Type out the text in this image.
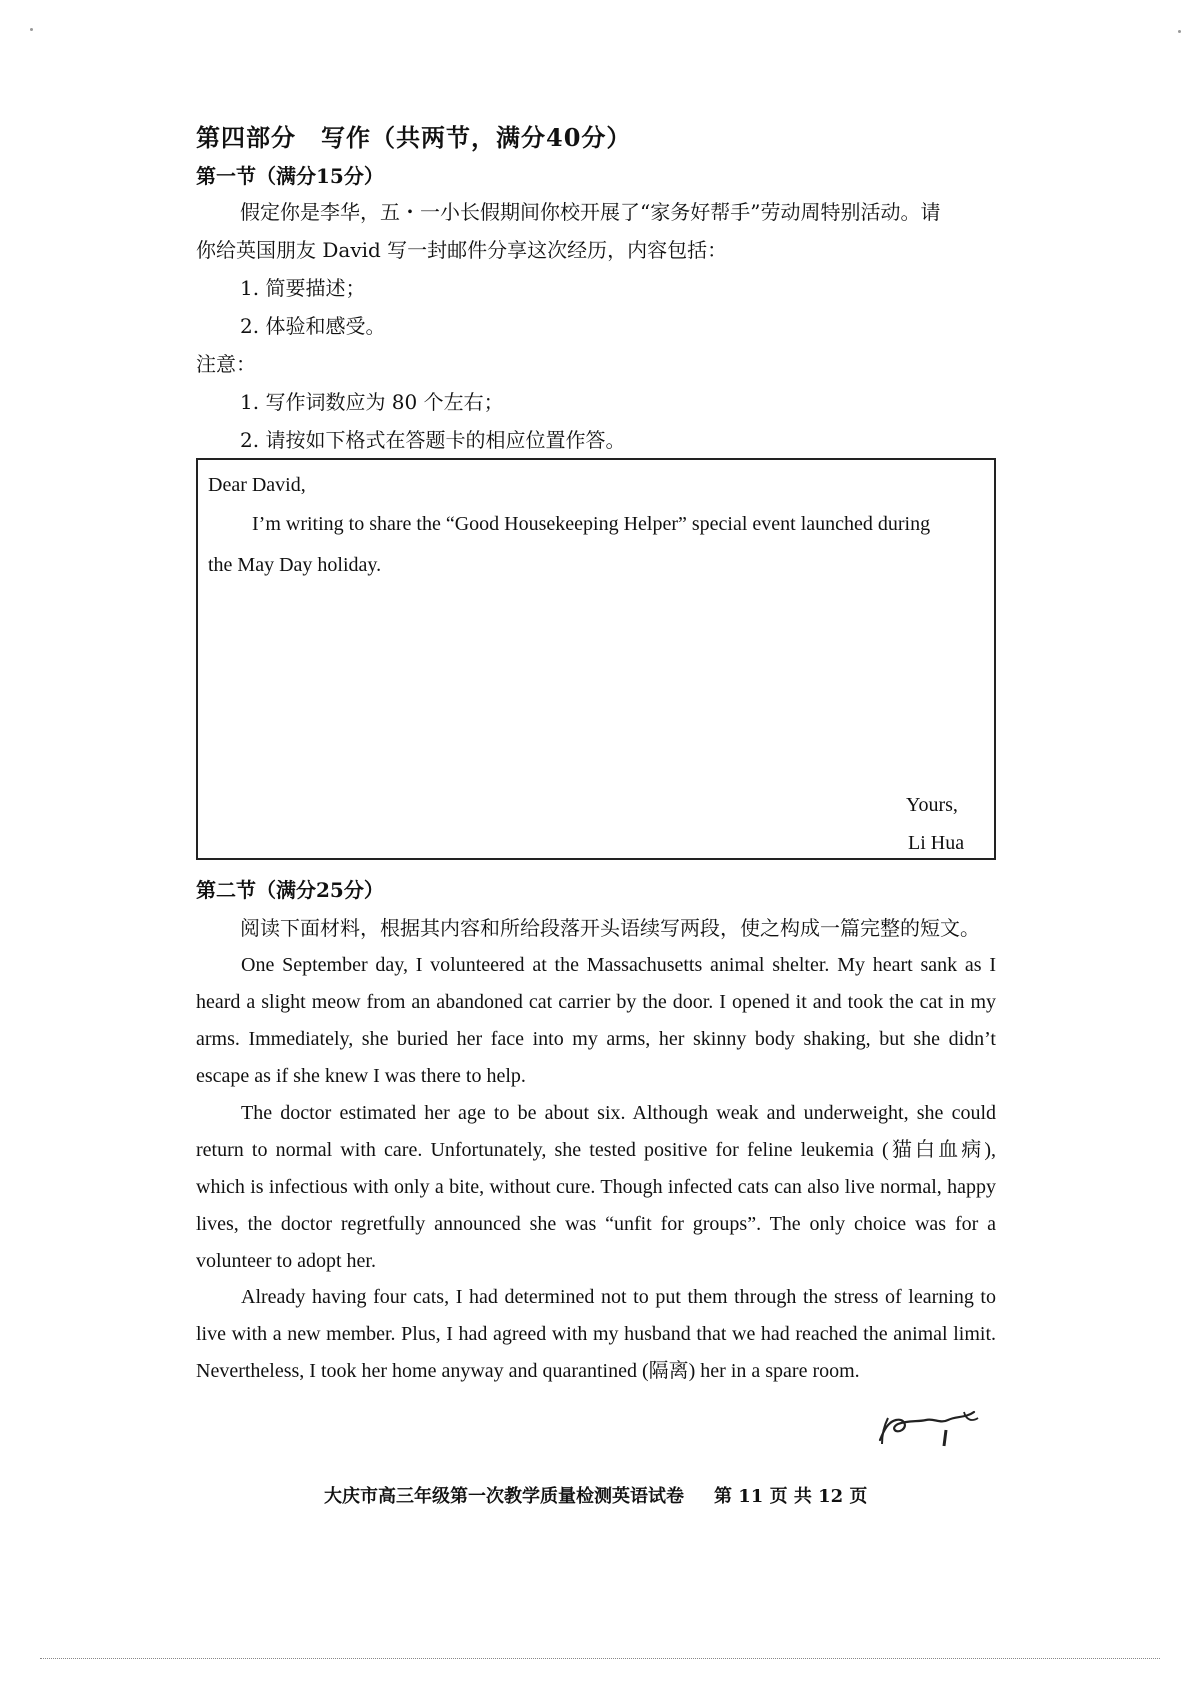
第四部分　写作（共两节，满分40分）
第一节（满分15分）
假定你是李华，五・一小长假期间你校开展了“家务好帮手”劳动周特别活动。请
你给英国朋友 David 写一封邮件分享这次经历，内容包括：
1. 简要描述；
2. 体验和感受。
注意：
1. 写作词数应为 80 个左右；
2. 请按如下格式在答题卡的相应位置作答。
Dear David,
I’m writing to share the “Good Housekeeping Helper” special event launched during
the May Day holiday.
Yours,
Li Hua
第二节（满分25分）
阅读下面材料，根据其内容和所给段落开头语续写两段，使之构成一篇完整的短文。

One September day, I volunteered at the Massachusetts animal shelter. My heart sank as I heard a slight meow from an abandoned cat carrier by the door. I opened it and took the cat in my arms. Immediately, she buried her face into my arms, her skinny body shaking, but she didn’t escape as if she knew I was there to help.

The doctor estimated her age to be about six. Although weak and underweight, she could return to normal with care. Unfortunately, she tested positive for feline leukemia (猫白血病), which is infectious with only a bite, without cure. Though infected cats can also live normal, happy lives, the doctor regretfully announced she was “unfit for groups”. The only choice was for a volunteer to adopt her.

Already having four cats, I had determined not to put them through the stress of learning to live with a new member. Plus, I had agreed with my husband that we had reached the animal limit. Nevertheless, I took her home anyway and quarantined (隔离) her in a spare room.

大庆市高三年级第一次教学质量检测英语试卷 第 11 页 共 12 页
